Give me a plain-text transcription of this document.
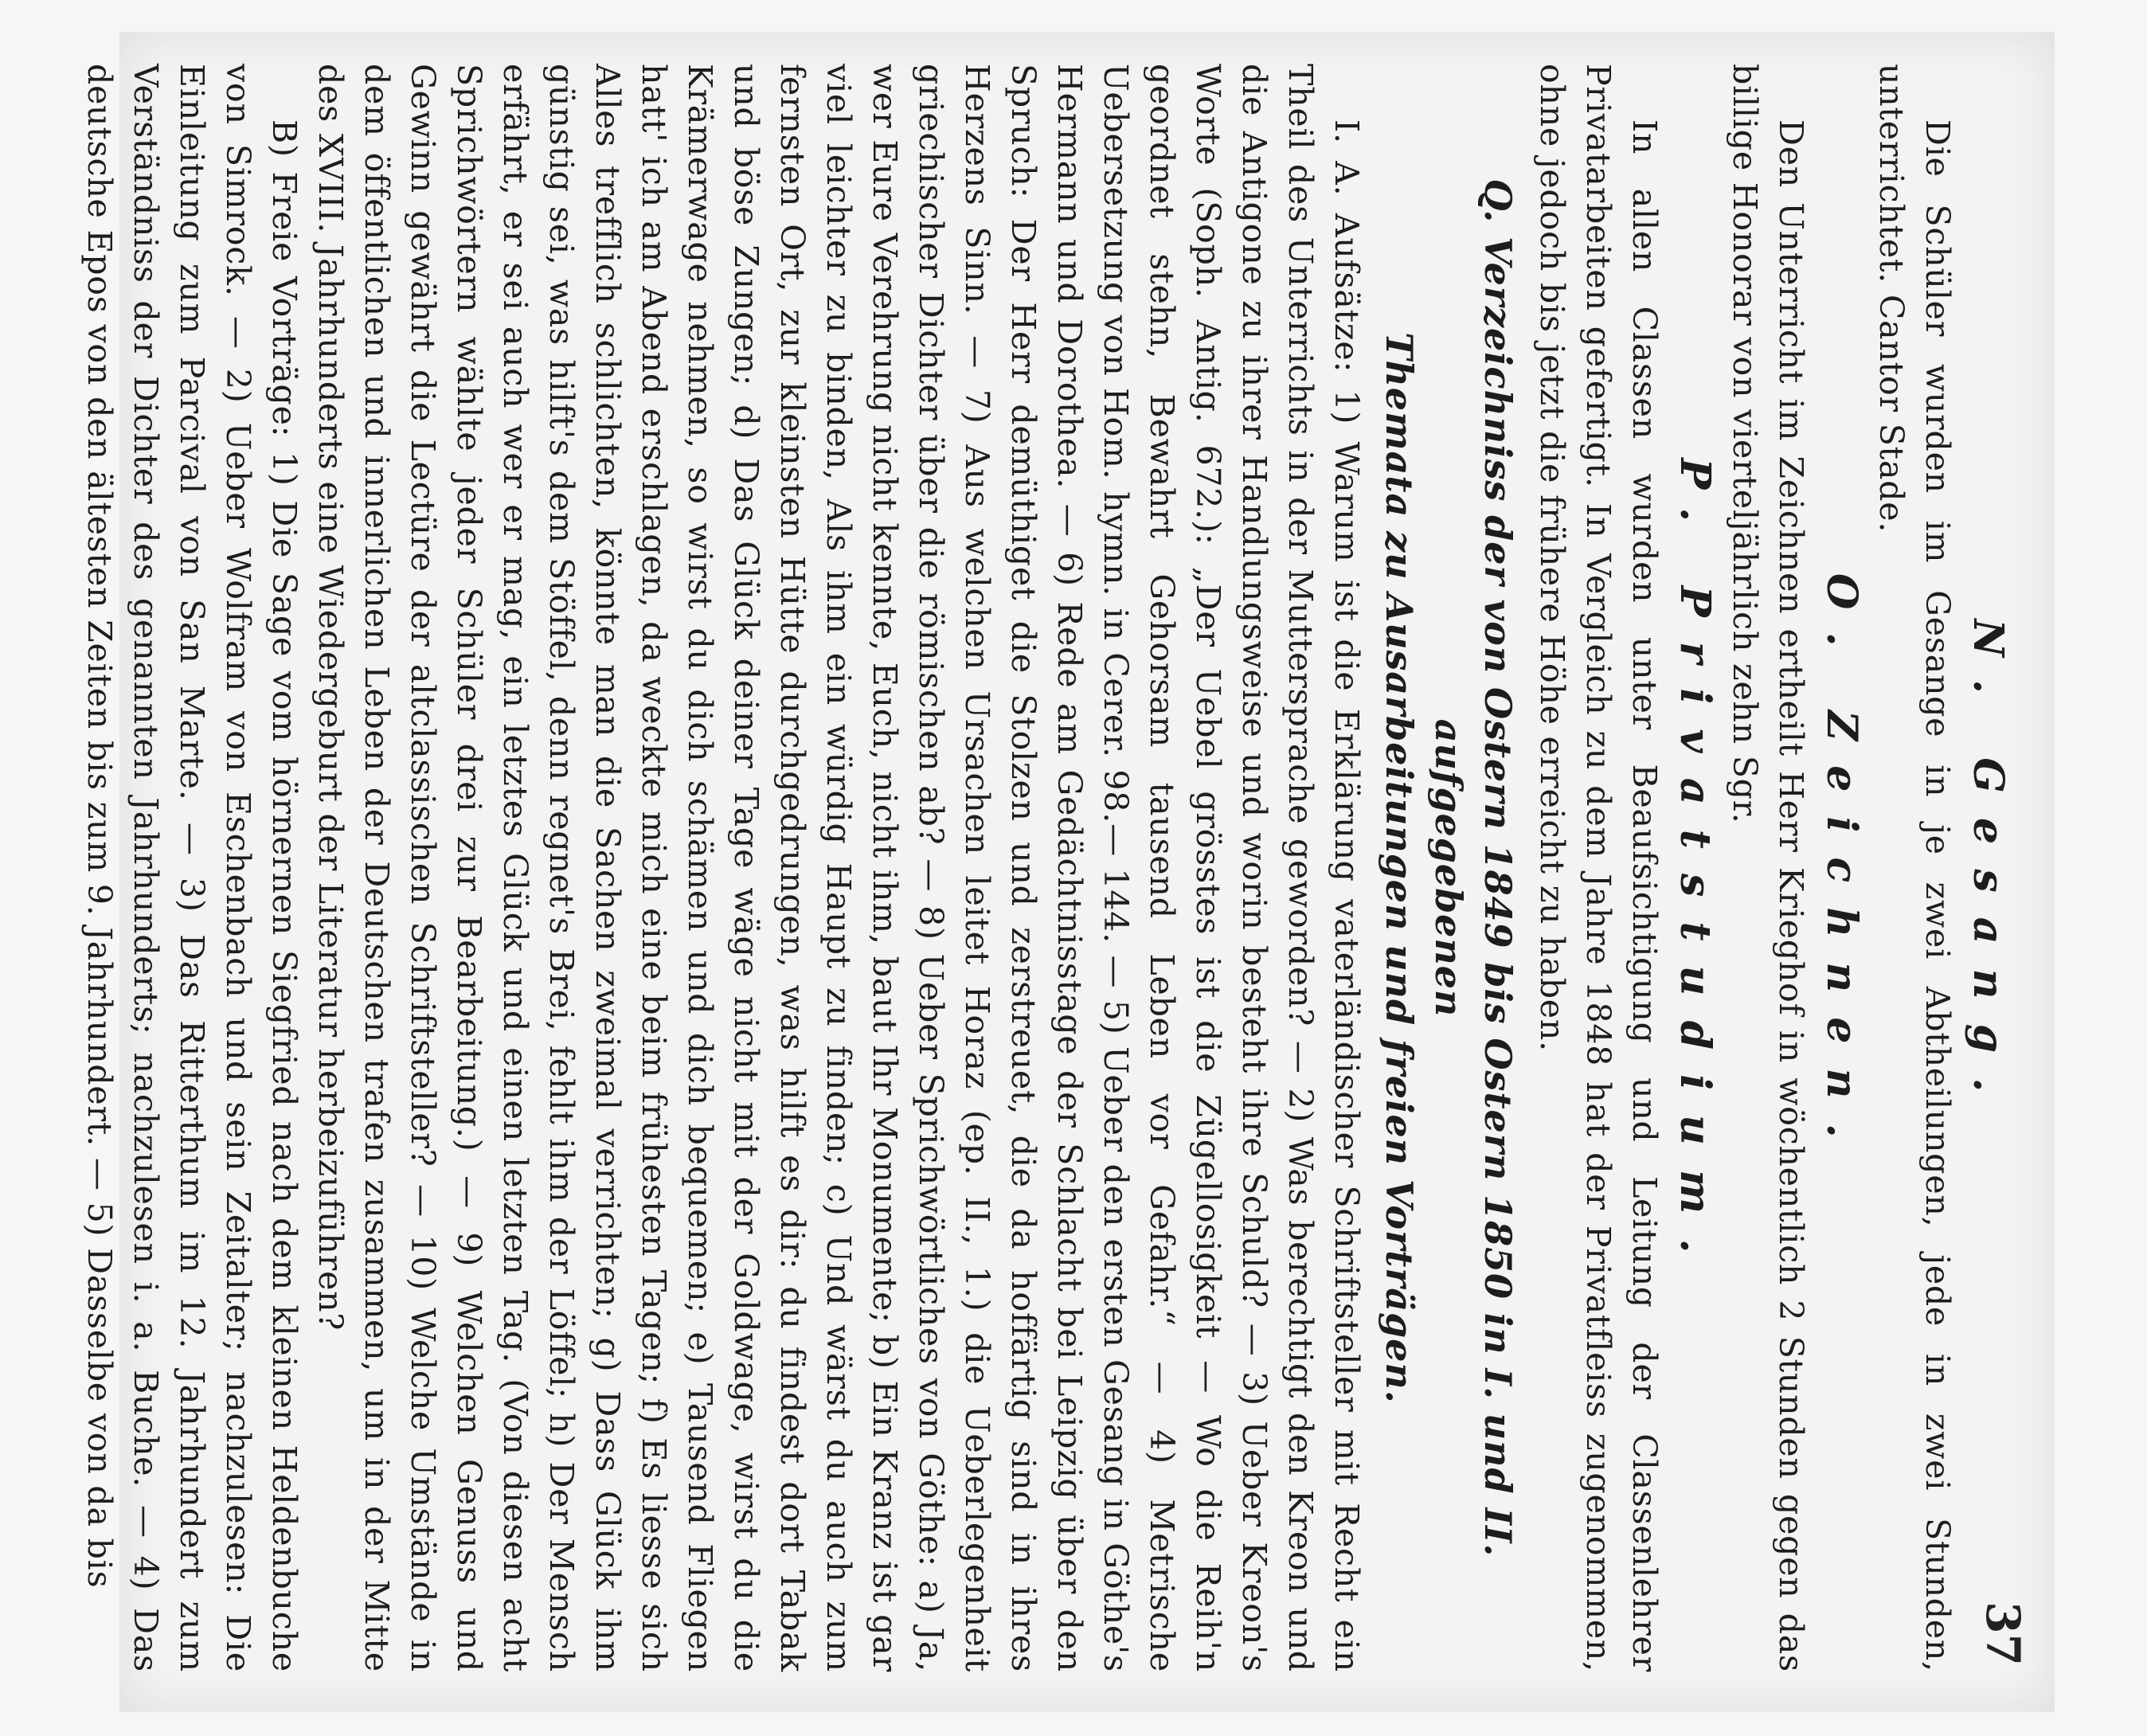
37

N. Gesang.

Die Schüler wurden im Gesange in je zwei Abtheilungen, jede in zwei Stunden, unterrichtet. Cantor Stade.

O. Zeichnen.

Den Unterricht im Zeichnen ertheilt Herr Krieghof in wöchentlich 2 Stunden gegen das billige Honorar von vierteljährlich zehn Sgr.

P. Privatstudium.

In allen Classen wurden unter Beaufsichtigung und Leitung der Classenlehrer Privatarbeiten gefertigt. In Vergleich zu dem Jahre 1848 hat der Privatfleiss zugenommen, ohne jedoch bis jetzt die frühere Höhe erreicht zu haben.

Q. Verzeichniss der von Ostern 1849 bis Ostern 1850 in I. und II. aufgegebenen
Themata zu Ausarbeitungen und freien Vorträgen.

I. A. Aufsätze: 1) Warum ist die Erklärung vaterländischer Schriftsteller mit Recht ein Theil des Unterrichts in der Muttersprache geworden? — 2) Was berechtigt den Kreon und die Antigone zu ihrer Handlungsweise und worin besteht ihre Schuld? — 3) Ueber Kreon's Worte (Soph. Antig. 672.): „Der Uebel grösstes ist die Zügellosigkeit — Wo die Reih'n geordnet stehn, Bewahrt Gehorsam tausend Leben vor Gefahr.“ — 4) Metrische Uebersetzung von Hom. hymn. in Cerer. 98.— 144. — 5) Ueber den ersten Gesang in Göthe's Hermann und Dorothea. — 6) Rede am Gedächtnisstage der Schlacht bei Leipzig über den Spruch: Der Herr demüthiget die Stolzen und zerstreuet, die da hoffärtig sind in ihres Herzens Sinn. — 7) Aus welchen Ursachen leitet Horaz (ep. II., 1.) die Ueberlegenheit griechischer Dichter über die römischen ab? — 8) Ueber Sprichwörtliches von Göthe: a) Ja, wer Eure Verehrung nicht kennte, Euch, nicht ihm, baut Ihr Monumente; b) Ein Kranz ist gar viel leichter zu binden, Als ihm ein würdig Haupt zu finden; c) Und wärst du auch zum fernsten Ort, zur kleinsten Hütte durchgedrungen, was hilft es dir: du findest dort Tabak und böse Zungen; d) Das Glück deiner Tage wäge nicht mit der Goldwage, wirst du die Krämerwage nehmen, so wirst du dich schämen und dich bequemen; e) Tausend Fliegen hatt' ich am Abend erschlagen, da weckte mich eine beim frühesten Tagen; f) Es liesse sich Alles trefflich schlichten, könnte man die Sachen zweimal verrichten; g) Dass Glück ihm günstig sei, was hilft's dem Stöffel, denn regnet's Brei, fehlt ihm der Löffel; h) Der Mensch erfährt, er sei auch wer er mag, ein letztes Glück und einen letzten Tag. (Von diesen acht Sprichwörtern wählte jeder Schüler drei zur Bearbeitung.) — 9) Welchen Genuss und Gewinn gewährt die Lectüre der altclassischen Schriftsteller? — 10) Welche Umstände in dem öffentlichen und innerlichen Leben der Deutschen trafen zusammen, um in der Mitte des XVIII. Jahrhunderts eine Wiedergeburt der Literatur herbeizuführen?

B) Freie Vorträge: 1) Die Sage vom hörnernen Siegfried nach dem kleinen Heldenbuche von Simrock. — 2) Ueber Wolfram von Eschenbach und sein Zeitalter; nachzulesen: Die Einleitung zum Parcival von San Marte. — 3) Das Ritterthum im 12. Jahrhundert zum Verständniss der Dichter des genannten Jahrhunderts; nachzulesen i. a. Buche. — 4) Das deutsche Epos von den ältesten Zeiten bis zum 9. Jahrhundert. — 5) Dasselbe von da bis
